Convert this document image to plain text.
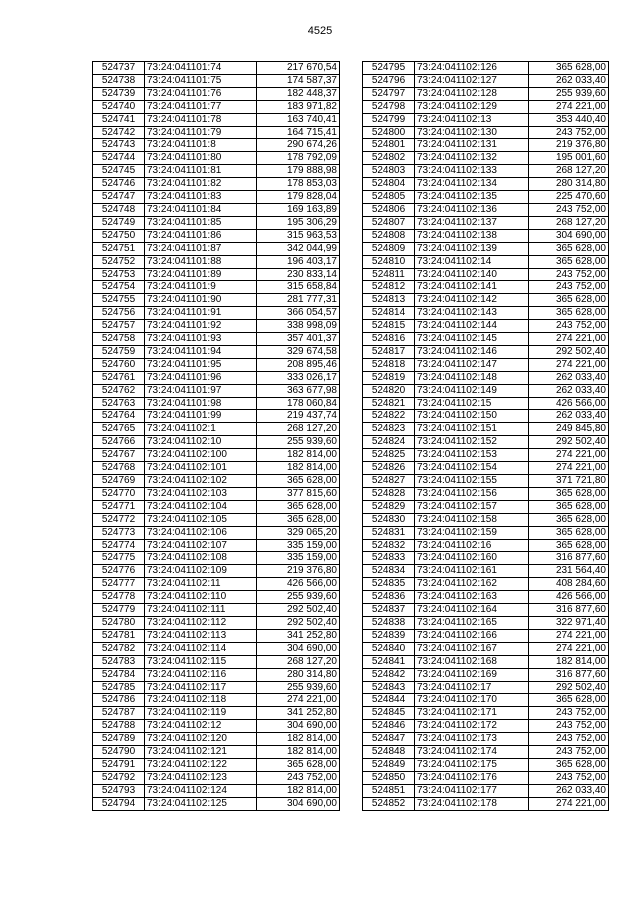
4525
524737	73:24:041101:74	217 670,54
524738	73:24:041101:75	174 587,37
524739	73:24:041101:76	182 448,37
524740	73:24:041101:77	183 971,82
524741	73:24:041101:78	163 740,41
524742	73:24:041101:79	164 715,41
524743	73:24:041101:8	290 674,26
524744	73:24:041101:80	178 792,09
524745	73:24:041101:81	179 888,98
524746	73:24:041101:82	178 853,03
524747	73:24:041101:83	179 828,04
524748	73:24:041101:84	169 163,89
524749	73:24:041101:85	195 306,29
524750	73:24:041101:86	315 963,53
524751	73:24:041101:87	342 044,99
524752	73:24:041101:88	196 403,17
524753	73:24:041101:89	230 833,14
524754	73:24:041101:9	315 658,84
524755	73:24:041101:90	281 777,31
524756	73:24:041101:91	366 054,57
524757	73:24:041101:92	338 998,09
524758	73:24:041101:93	357 401,37
524759	73:24:041101:94	329 674,58
524760	73:24:041101:95	208 895,46
524761	73:24:041101:96	333 026,17
524762	73:24:041101:97	363 677,98
524763	73:24:041101:98	178 060,84
524764	73:24:041101:99	219 437,74
524765	73:24:041102:1	268 127,20
524766	73:24:041102:10	255 939,60
524767	73:24:041102:100	182 814,00
524768	73:24:041102:101	182 814,00
524769	73:24:041102:102	365 628,00
524770	73:24:041102:103	377 815,60
524771	73:24:041102:104	365 628,00
524772	73:24:041102:105	365 628,00
524773	73:24:041102:106	329 065,20
524774	73:24:041102:107	335 159,00
524775	73:24:041102:108	335 159,00
524776	73:24:041102:109	219 376,80
524777	73:24:041102:11	426 566,00
524778	73:24:041102:110	255 939,60
524779	73:24:041102:111	292 502,40
524780	73:24:041102:112	292 502,40
524781	73:24:041102:113	341 252,80
524782	73:24:041102:114	304 690,00
524783	73:24:041102:115	268 127,20
524784	73:24:041102:116	280 314,80
524785	73:24:041102:117	255 939,60
524786	73:24:041102:118	274 221,00
524787	73:24:041102:119	341 252,80
524788	73:24:041102:12	304 690,00
524789	73:24:041102:120	182 814,00
524790	73:24:041102:121	182 814,00
524791	73:24:041102:122	365 628,00
524792	73:24:041102:123	243 752,00
524793	73:24:041102:124	182 814,00
524794	73:24:041102:125	304 690,00
524795	73:24:041102:126	365 628,00
524796	73:24:041102:127	262 033,40
524797	73:24:041102:128	255 939,60
524798	73:24:041102:129	274 221,00
524799	73:24:041102:13	353 440,40
524800	73:24:041102:130	243 752,00
524801	73:24:041102:131	219 376,80
524802	73:24:041102:132	195 001,60
524803	73:24:041102:133	268 127,20
524804	73:24:041102:134	280 314,80
524805	73:24:041102:135	225 470,60
524806	73:24:041102:136	243 752,00
524807	73:24:041102:137	268 127,20
524808	73:24:041102:138	304 690,00
524809	73:24:041102:139	365 628,00
524810	73:24:041102:14	365 628,00
524811	73:24:041102:140	243 752,00
524812	73:24:041102:141	243 752,00
524813	73:24:041102:142	365 628,00
524814	73:24:041102:143	365 628,00
524815	73:24:041102:144	243 752,00
524816	73:24:041102:145	274 221,00
524817	73:24:041102:146	292 502,40
524818	73:24:041102:147	274 221,00
524819	73:24:041102:148	262 033,40
524820	73:24:041102:149	262 033,40
524821	73:24:041102:15	426 566,00
524822	73:24:041102:150	262 033,40
524823	73:24:041102:151	249 845,80
524824	73:24:041102:152	292 502,40
524825	73:24:041102:153	274 221,00
524826	73:24:041102:154	274 221,00
524827	73:24:041102:155	371 721,80
524828	73:24:041102:156	365 628,00
524829	73:24:041102:157	365 628,00
524830	73:24:041102:158	365 628,00
524831	73:24:041102:159	365 628,00
524832	73:24:041102:16	365 628,00
524833	73:24:041102:160	316 877,60
524834	73:24:041102:161	231 564,40
524835	73:24:041102:162	408 284,60
524836	73:24:041102:163	426 566,00
524837	73:24:041102:164	316 877,60
524838	73:24:041102:165	322 971,40
524839	73:24:041102:166	274 221,00
524840	73:24:041102:167	274 221,00
524841	73:24:041102:168	182 814,00
524842	73:24:041102:169	316 877,60
524843	73:24:041102:17	292 502,40
524844	73:24:041102:170	365 628,00
524845	73:24:041102:171	243 752,00
524846	73:24:041102:172	243 752,00
524847	73:24:041102:173	243 752,00
524848	73:24:041102:174	243 752,00
524849	73:24:041102:175	365 628,00
524850	73:24:041102:176	243 752,00
524851	73:24:041102:177	262 033,40
524852	73:24:041102:178	274 221,00
